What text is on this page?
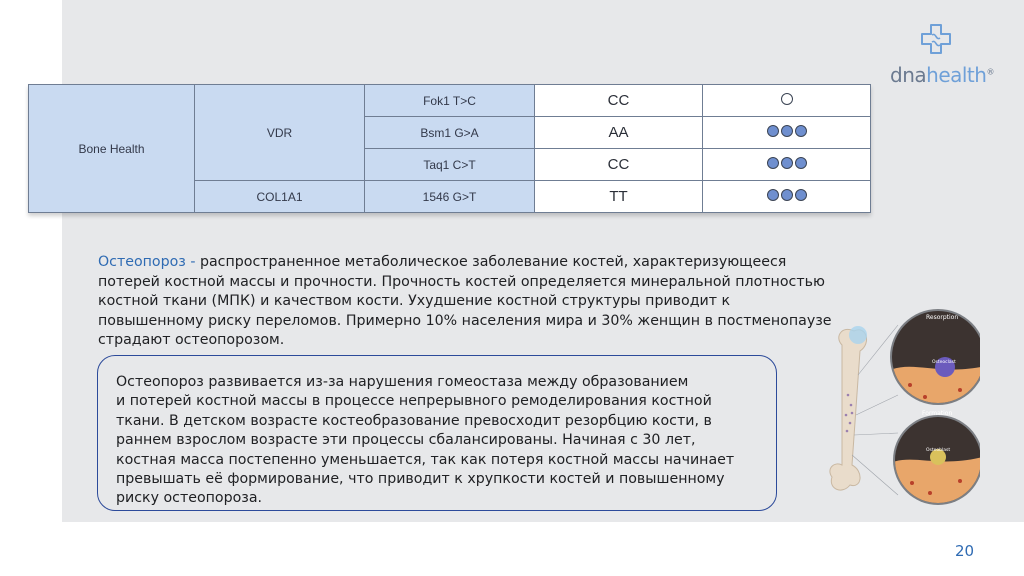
dnahealth®
Bone Health	VDR	Fok1 T>C	CC	

		Bsm1 G>A	AA	

		Taq1 C>T	CC	

	COL1A1	1546 G>T	TT	
Остеопороз - распространенное метаболическое заболевание костей, характеризующееся потерей костной массы и прочности. Прочность костей определяется минеральной плотностью костной ткани (МПК) и качеством кости. Ухудшение костной структуры приводит к повышенному риску переломов. Примерно 10% населения мира и 30% женщин в постменопаузе страдают остеопорозом.
Остеопороз развивается из-за нарушения гомеостаза между образованием
и потерей костной массы в процессе непрерывного ремоделирования костной ткани. В детском возрасте костеобразование превосходит резорбцию кости, в раннем взрослом возрасте эти процессы сбалансированы. Начиная с 30 лет, костная масса постепенно уменьшается, так как потеря костной массы начинает превышать её формирование, что приводит к хрупкости костей и повышенному риску остеопороза.
Resorption
Osteoclast
Formation
Osteoblast
20
